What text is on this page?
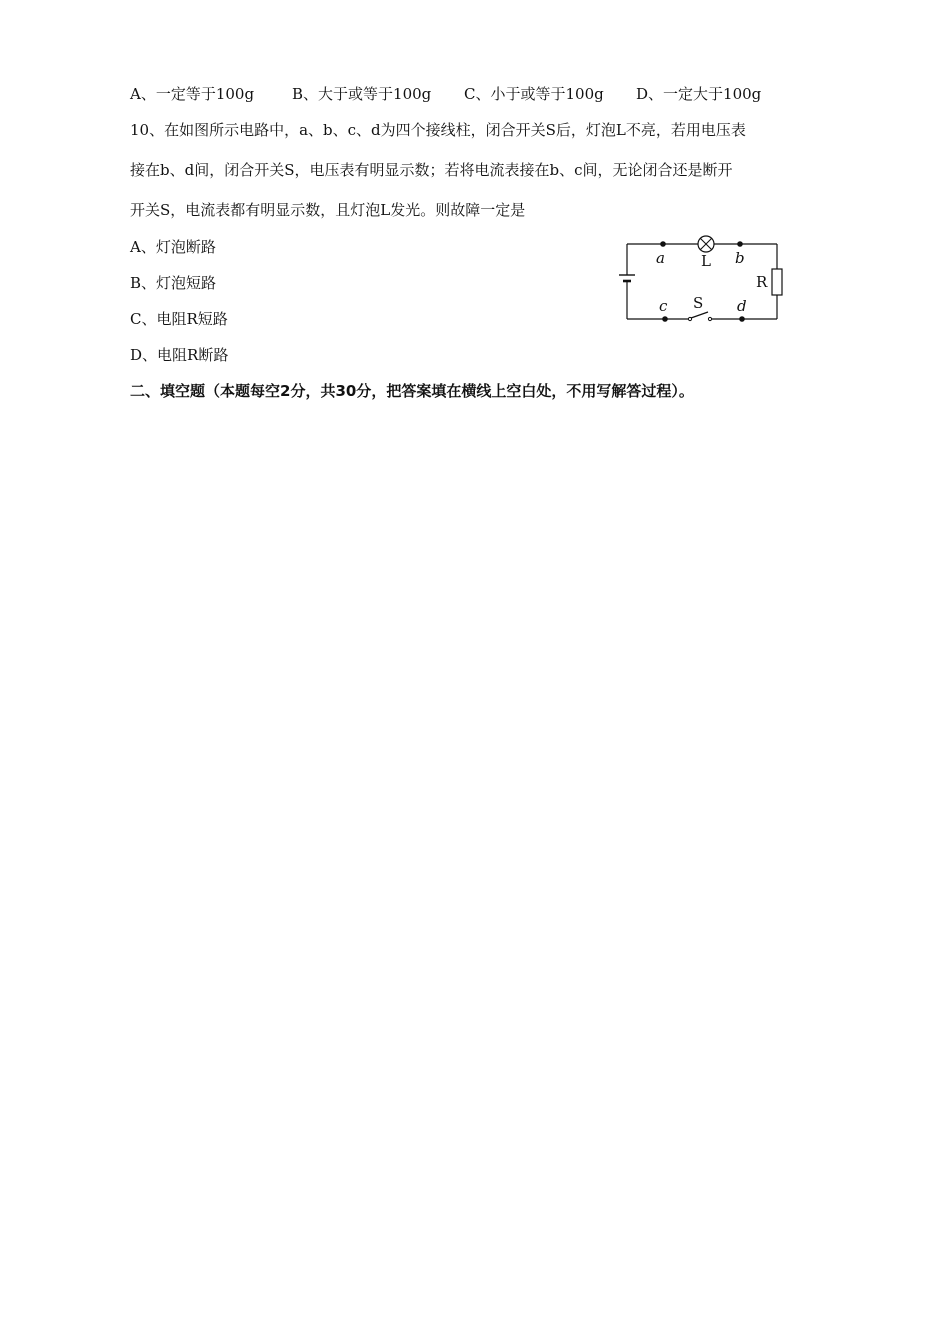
A、一定等于100g	B、大于或等于100g C、小于或等于100g D、一定大于100g
10、在如图所示电路中，a、b、c、d为四个接线柱，闭合开关S后，灯泡L不亮，若用电压表
接在b、d间，闭合开关S，电压表有明显示数；若将电流表接在b、c间，无论闭合还是断开
开关S，电流表都有明显示数，且灯泡L发光。则故障一定是
A、灯泡断路
B、灯泡短路
C、电阻R短路
D、电阻R断路
a L b
R
c S d
二、填空题（本题每空2分，共30分，把答案填在横线上空白处，不用写解答过程）。
